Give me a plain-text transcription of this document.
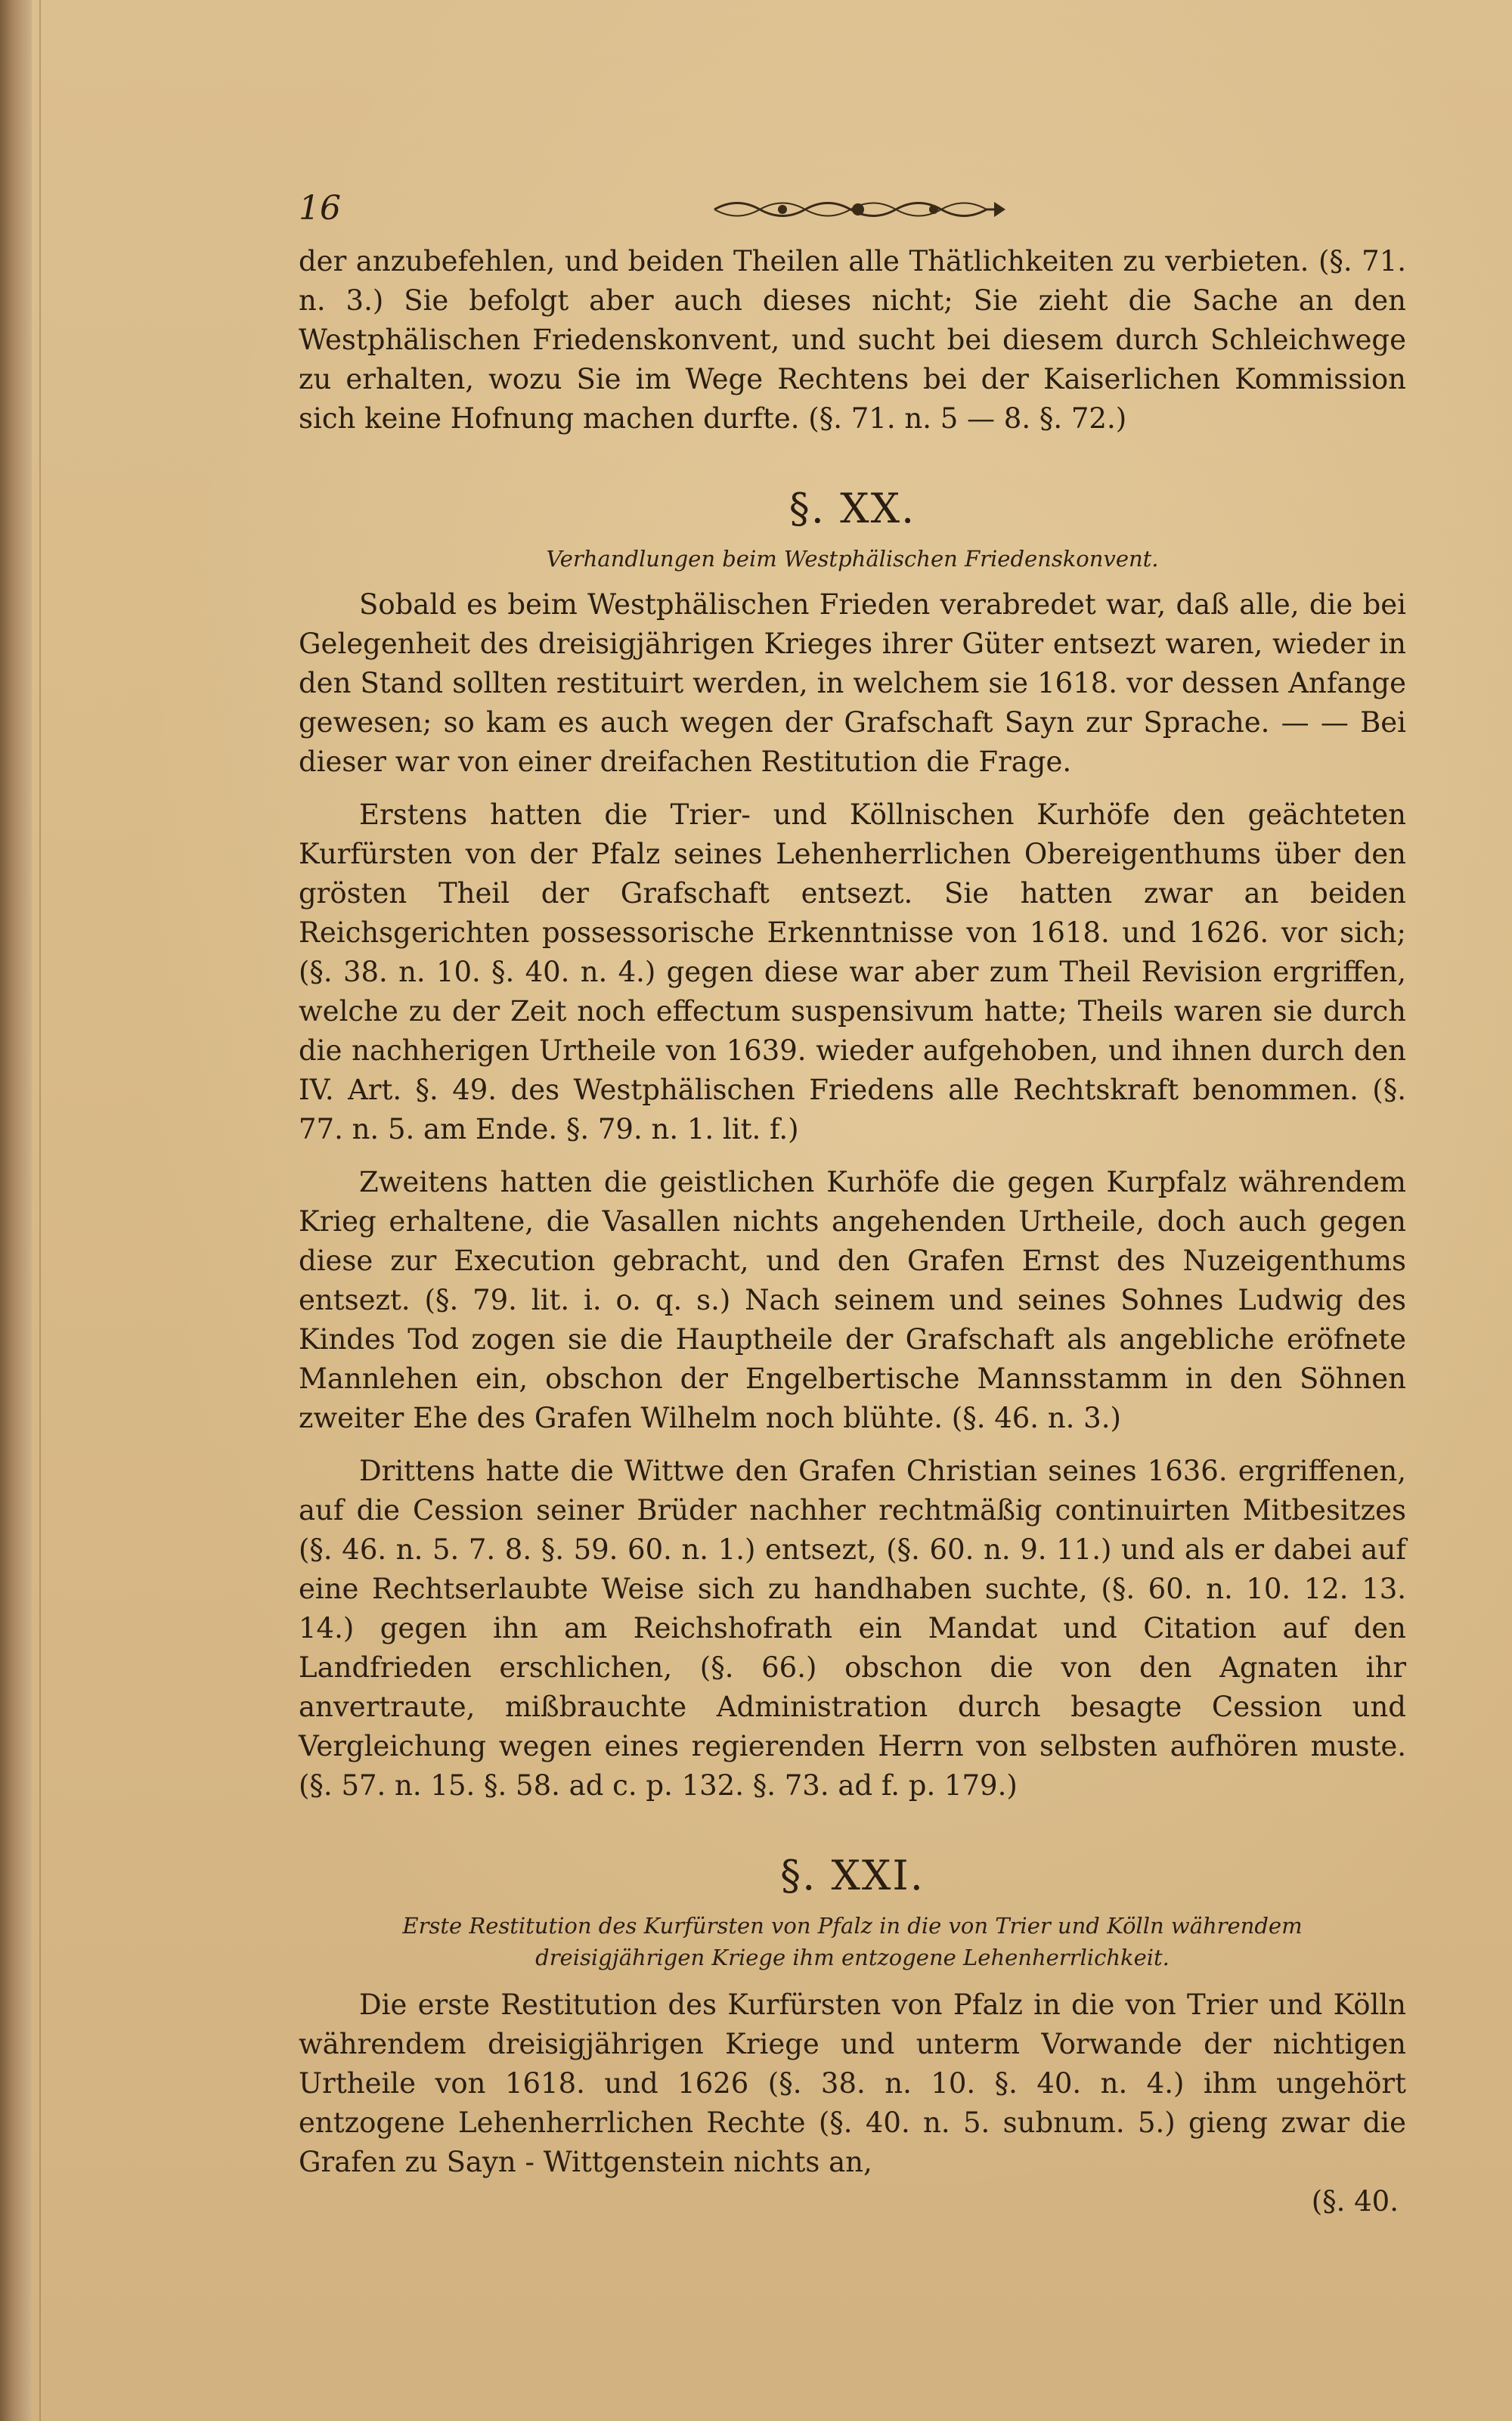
16

der anzubefehlen, und beiden Theilen alle Thätlichkeiten zu verbieten. (§. 71. n. 3.) Sie befolgt aber auch dieses nicht; Sie zieht die Sache an den Westphälischen Friedenskonvent, und sucht bei diesem durch Schleichwege zu erhalten, wozu Sie im Wege Rechtens bei der Kaiserlichen Kommission sich keine Hofnung machen durfte. (§. 71. n. 5 — 8. §. 72.)

§. XX.
Verhandlungen beim Westphälischen Friedenskonvent.

Sobald es beim Westphälischen Frieden verabredet war, daß alle, die bei Gelegenheit des dreisigjährigen Krieges ihrer Güter entsezt waren, wieder in den Stand sollten restituirt werden, in welchem sie 1618. vor dessen Anfange gewesen; so kam es auch wegen der Grafschaft Sayn zur Sprache. — — Bei dieser war von einer dreifachen Restitution die Frage.

Erstens hatten die Trier- und Köllnischen Kurhöfe den geächteten Kurfürsten von der Pfalz seines Lehenherrlichen Obereigenthums über den grösten Theil der Grafschaft entsezt. Sie hatten zwar an beiden Reichsgerichten possessorische Erkenntnisse von 1618. und 1626. vor sich; (§. 38. n. 10. §. 40. n. 4.) gegen diese war aber zum Theil Revision ergriffen, welche zu der Zeit noch effectum suspensivum hatte; Theils waren sie durch die nachherigen Urtheile von 1639. wieder aufgehoben, und ihnen durch den IV. Art. §. 49. des Westphälischen Friedens alle Rechtskraft benommen. (§. 77. n. 5. am Ende. §. 79. n. 1. lit. f.)

Zweitens hatten die geistlichen Kurhöfe die gegen Kurpfalz währendem Krieg erhaltene, die Vasallen nichts angehenden Urtheile, doch auch gegen diese zur Execution gebracht, und den Grafen Ernst des Nuzeigenthums entsezt. (§. 79. lit. i. o. q. s.) Nach seinem und seines Sohnes Ludwig des Kindes Tod zogen sie die Hauptheile der Grafschaft als angebliche eröfnete Mannlehen ein, obschon der Engelbertische Mannsstamm in den Söhnen zweiter Ehe des Grafen Wilhelm noch blühte. (§. 46. n. 3.)

Drittens hatte die Wittwe den Grafen Christian seines 1636. ergriffenen, auf die Cession seiner Brüder nachher rechtmäßig continuirten Mitbesitzes (§. 46. n. 5. 7. 8. §. 59. 60. n. 1.) entsezt, (§. 60. n. 9. 11.) und als er dabei auf eine Rechtserlaubte Weise sich zu handhaben suchte, (§. 60. n. 10. 12. 13. 14.) gegen ihn am Reichshofrath ein Mandat und Citation auf den Landfrieden erschlichen, (§. 66.) obschon die von den Agnaten ihr anvertraute, mißbrauchte Administration durch besagte Cession und Vergleichung wegen eines regierenden Herrn von selbsten aufhören muste. (§. 57. n. 15. §. 58. ad c. p. 132. §. 73. ad f. p. 179.)

§. XXI.
Erste Restitution des Kurfürsten von Pfalz in die von Trier und Kölln währendem dreisigjährigen Kriege ihm entzogene Lehenherrlichkeit.

Die erste Restitution des Kurfürsten von Pfalz in die von Trier und Kölln währendem dreisigjährigen Kriege und unterm Vorwande der nichtigen Urtheile von 1618. und 1626 (§. 38. n. 10. §. 40. n. 4.) ihm ungehört entzogene Lehenherrlichen Rechte (§. 40. n. 5. subnum. 5.) gieng zwar die Grafen zu Sayn - Wittgenstein nichts an,

(§. 40.
